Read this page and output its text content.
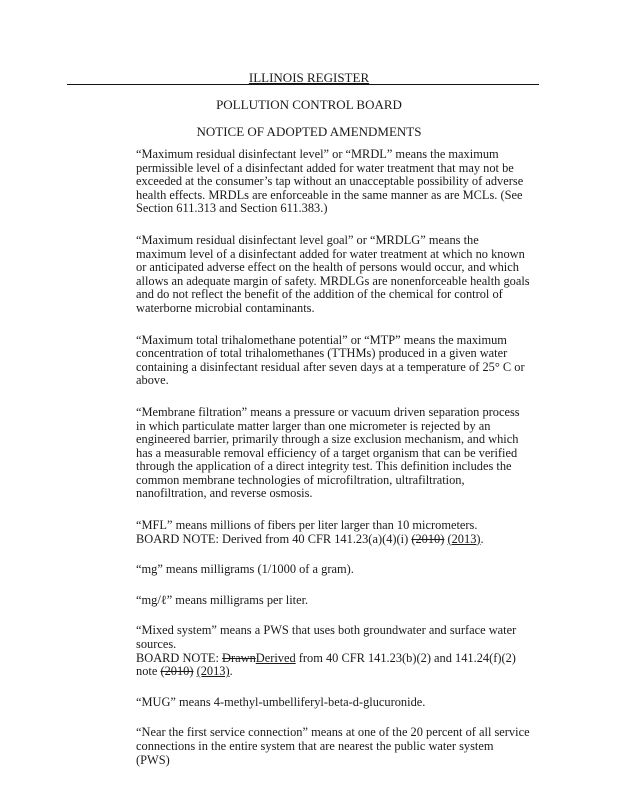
ILLINOIS REGISTER
POLLUTION CONTROL BOARD
NOTICE OF ADOPTED AMENDMENTS

“Maximum residual disinfectant level” or “MRDL” means the maximum permissible level of a disinfectant added for water treatment that may not be exceeded at the consumer’s tap without an unacceptable possibility of adverse health effects. MRDLs are enforceable in the same manner as are MCLs. (See Section 611.313 and Section 611.383.)

“Maximum residual disinfectant level goal” or “MRDLG” means the maximum level of a disinfectant added for water treatment at which no known or anticipated adverse effect on the health of persons would occur, and which allows an adequate margin of safety. MRDLGs are nonenforceable health goals and do not reflect the benefit of the addition of the chemical for control of waterborne microbial contaminants.

“Maximum total trihalomethane potential” or “MTP” means the maximum concentration of total trihalomethanes (TTHMs) produced in a given water containing a disinfectant residual after seven days at a temperature of 25° C or above.

“Membrane filtration” means a pressure or vacuum driven separation process in which particulate matter larger than one micrometer is rejected by an engineered barrier, primarily through a size exclusion mechanism, and which has a measurable removal efficiency of a target organism that can be verified through the application of a direct integrity test. This definition includes the common membrane technologies of microfiltration, ultrafiltration, nanofiltration, and reverse osmosis.

“MFL” means millions of fibers per liter larger than 10 micrometers.
BOARD NOTE: Derived from 40 CFR 141.23(a)(4)(i) (2010) (2013).

“mg” means milligrams (1/1000 of a gram).

“mg/ℓ” means milligrams per liter.

“Mixed system” means a PWS that uses both groundwater and surface water sources.
BOARD NOTE: DrawnDerived from 40 CFR 141.23(b)(2) and 141.24(f)(2) note (2010) (2013).

“MUG” means 4-methyl-umbelliferyl-beta-d-glucuronide.

“Near the first service connection” means at one of the 20 percent of all service connections in the entire system that are nearest the public water system (PWS)
